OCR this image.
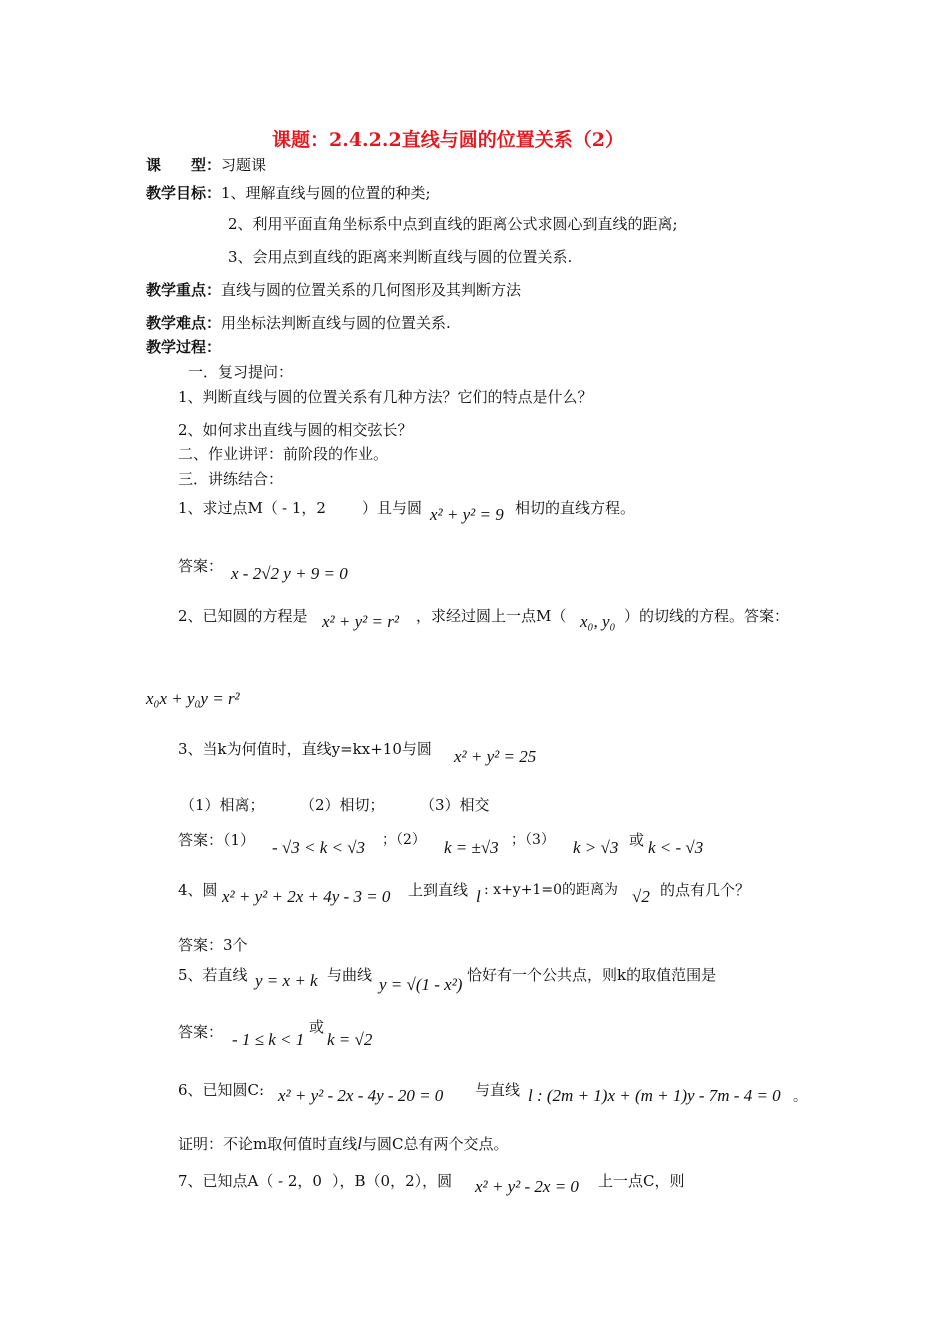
课题：2.4.2.2直线与圆的位置关系（2）
课　　型：习题课
教学目标：1、理解直线与圆的位置的种类;
2、利用平面直角坐标系中点到直线的距离公式求圆心到直线的距离;
3、会用点到直线的距离来判断直线与圆的位置关系.
教学重点：直线与圆的位置关系的几何图形及其判断方法
教学难点：用坐标法判断直线与圆的位置关系.
教学过程：
一．复习提问：
1、判断直线与圆的位置关系有几种方法？它们的特点是什么？
2、如何求出直线与圆的相交弦长？
二、作业讲评：前阶段的作业。
三．讲练结合：
1、求过点M（ - 1，2 ）且与圆 x² + y² = 9 相切的直线方程。
答案： x - 2√2 y + 9 = 0
2、已知圆的方程是 x² + y² = r² ，求经过圆上一点M（ x₀, y₀ ）的切线的方程。答案：
x₀x + y₀y = r²
3、当k为何值时，直线y=kx+10与圆 x² + y² = 25
（1）相离； （2）相切； （3）相交
答案：（1） - √3 < k < √3 ；（2） k = ±√3 ；（3） k > √3 或 k < - √3
4、圆 x² + y² + 2x + 4y - 3 = 0 上到直线 l : x+y+1=0的距离为 √2 的点有几个？
答案：3个
5、若直线 y = x + k 与曲线 y = √(1 - x²) 恰好有一个公共点，则k的取值范围是
答案： - 1 ≤ k < 1
或
k = √2
6、已知圆C: x² + y² - 2x - 4y - 20 = 0 与直线 l : (2m + 1)x + (m + 1)y - 7m - 4 = 0 。
证明：不论m取何值时直线l与圆C总有两个交点。
7、已知点A（ - 2，0 ），B（0，2），圆 x² + y² - 2x = 0 上一点C，则
